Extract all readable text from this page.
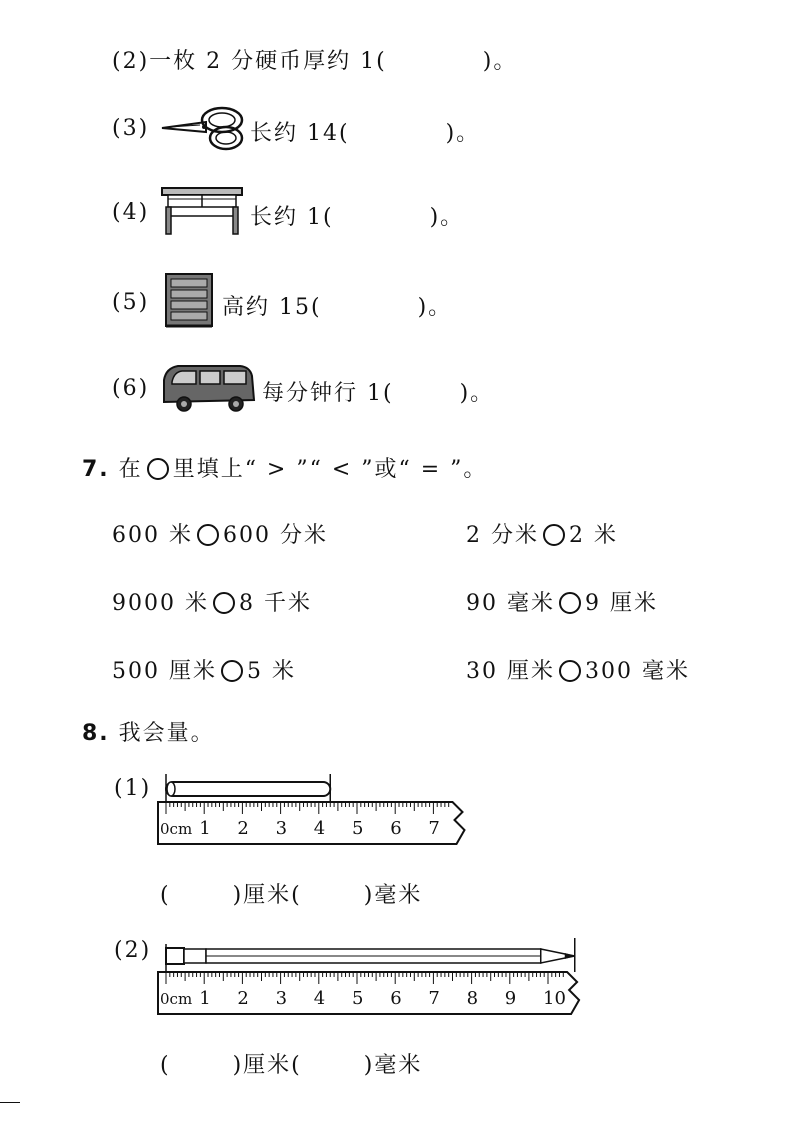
(2)一枚 2 分硬币厚约 1(	)。
(3)	长约 14(	)。
(4)	长约 1(	)。
(5)	高约 15(	)。
(6)	每分钟行 1(	)。
7. 在 里填上“ > ”“ < ”或“ = ”。
600 米 600 分米	2 分米 2 米
9000 米 8 千米	90 毫米 9 厘米
500 厘米 5 米	30 厘米 300 毫米
8. 我会量。
(1)
0cm 1 2 3 4 5 6 7
(	)厘米(	)毫米
(2)
0cm 1 2 3 4 5 6 7 8 9 10
(	)厘米(	)毫米
